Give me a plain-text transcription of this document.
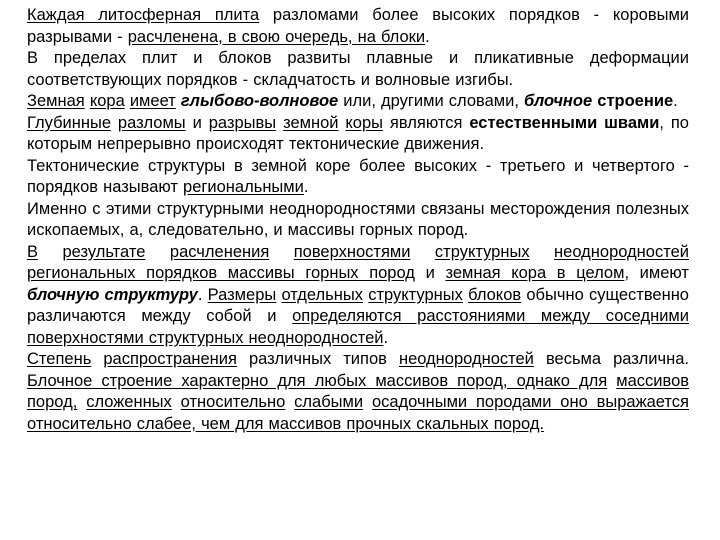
Каждая литосферная плита разломами более высоких порядков - коровыми разрывами - расчленена, в свою очередь, на блоки.

В пределах плит и блоков развиты плавные и пликативные деформации соответствующих порядков - складчатость и волновые изгибы.

Земная кора имеет глыбово-волновое или, другими словами, блочное строение.

Глубинные разломы и разрывы земной коры являются естественными швами, по которым непрерывно происходят тектонические движения.

Тектонические структуры в земной коре более высоких - третьего и четвертого - порядков называют региональными.

Именно с этими структурными неоднородностями связаны месторождения полезных ископаемых, а, следовательно, и массивы горных пород.

В результате расчленения поверхностями структурных неоднородностей региональных порядков массивы горных пород и земная кора в целом, имеют блочную структуру. Размеры отдельных структурных блоков обычно существенно различаются между собой и определяются расстояниями между соседними поверхностями структурных неоднородностей.

Степень распространения различных типов неоднородностей весьма различна. Блочное строение характерно для любых массивов пород, однако для массивов пород, сложенных относительно слабыми осадочными породами оно выражается относительно слабее, чем для массивов прочных скальных пород.
